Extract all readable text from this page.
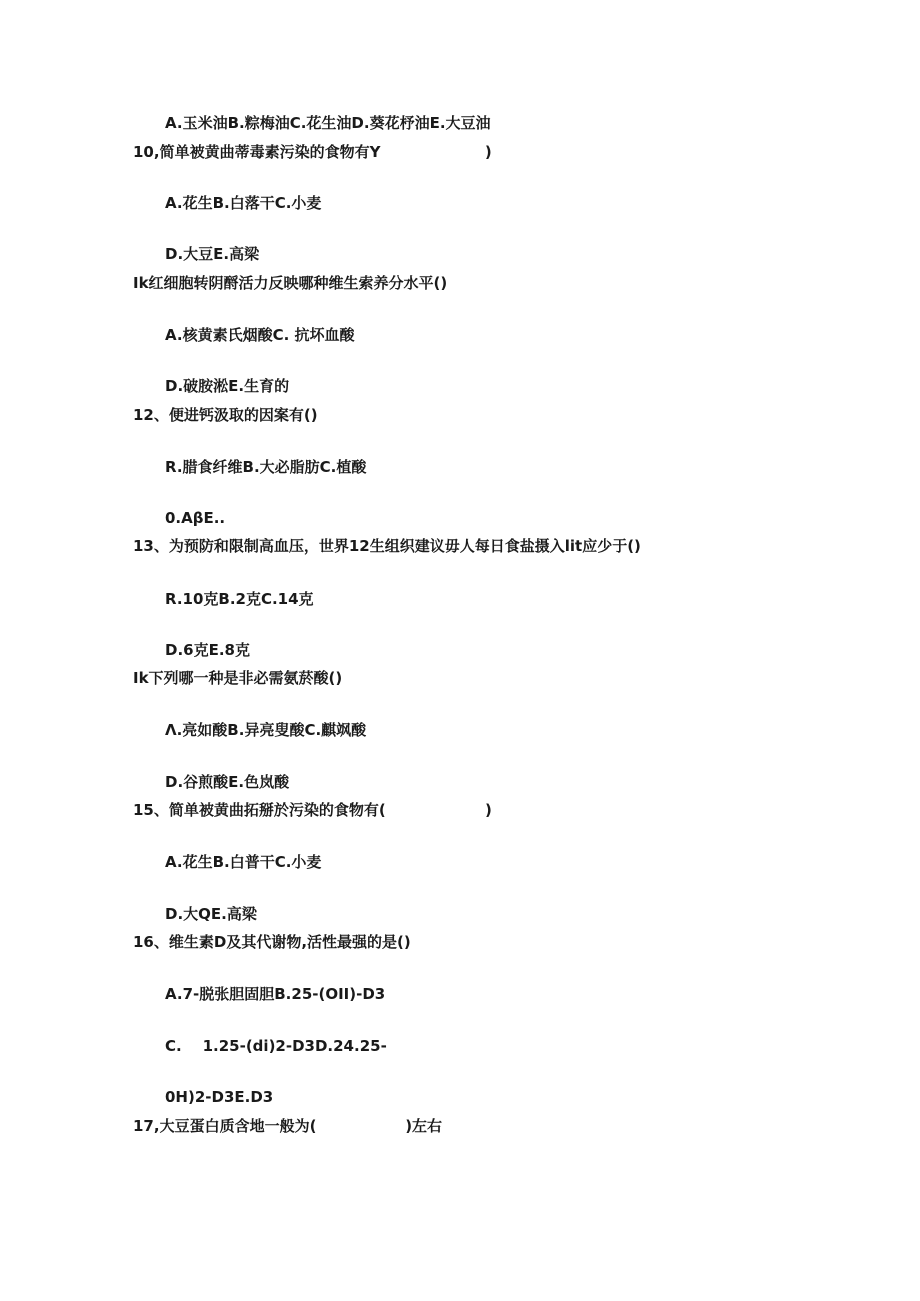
A.玉米油B.粽梅油C.花生油D.葵花杼油E.大豆油
10,简单被黄曲蒂毒素污染的食物有Y                    )
A.花生B.白落干C.小麦
D.大豆E.高梁
Ik红细胞转阴酹活力反映哪种维生索养分水平()
A.核黄素氏烟酸C. 抗坏血酸
D.破胺淞E.生育的
12、便进钙汲取的因案有()
R.腊食纤维B.大必脂肪C.植酸
0.AβE..
13、为预防和限制高血压，世界12生组织建议毋人每日食盐摄入lit应少于()
R.10克B.2克C.14克
D.6克E.8克
Ik下列哪一种是非必需氨菸酸()
Λ.亮如酸B.异亮叟酸C.麒飒酸
D.谷煎酸E.色岚酸
15、简单被黄曲拓掰於污染的食物有(                   )
A.花生B.白普干C.小麦
D.大QE.高梁
16、维生素D及其代谢物,活性最强的是()
A.7-脱张胆固胆B.25-(OII)-D3
C.    1.25-(di)2-D3D.24.25-
0H)2-D3E.D3
17,大豆蛋白质含地一般为(                 )左右
